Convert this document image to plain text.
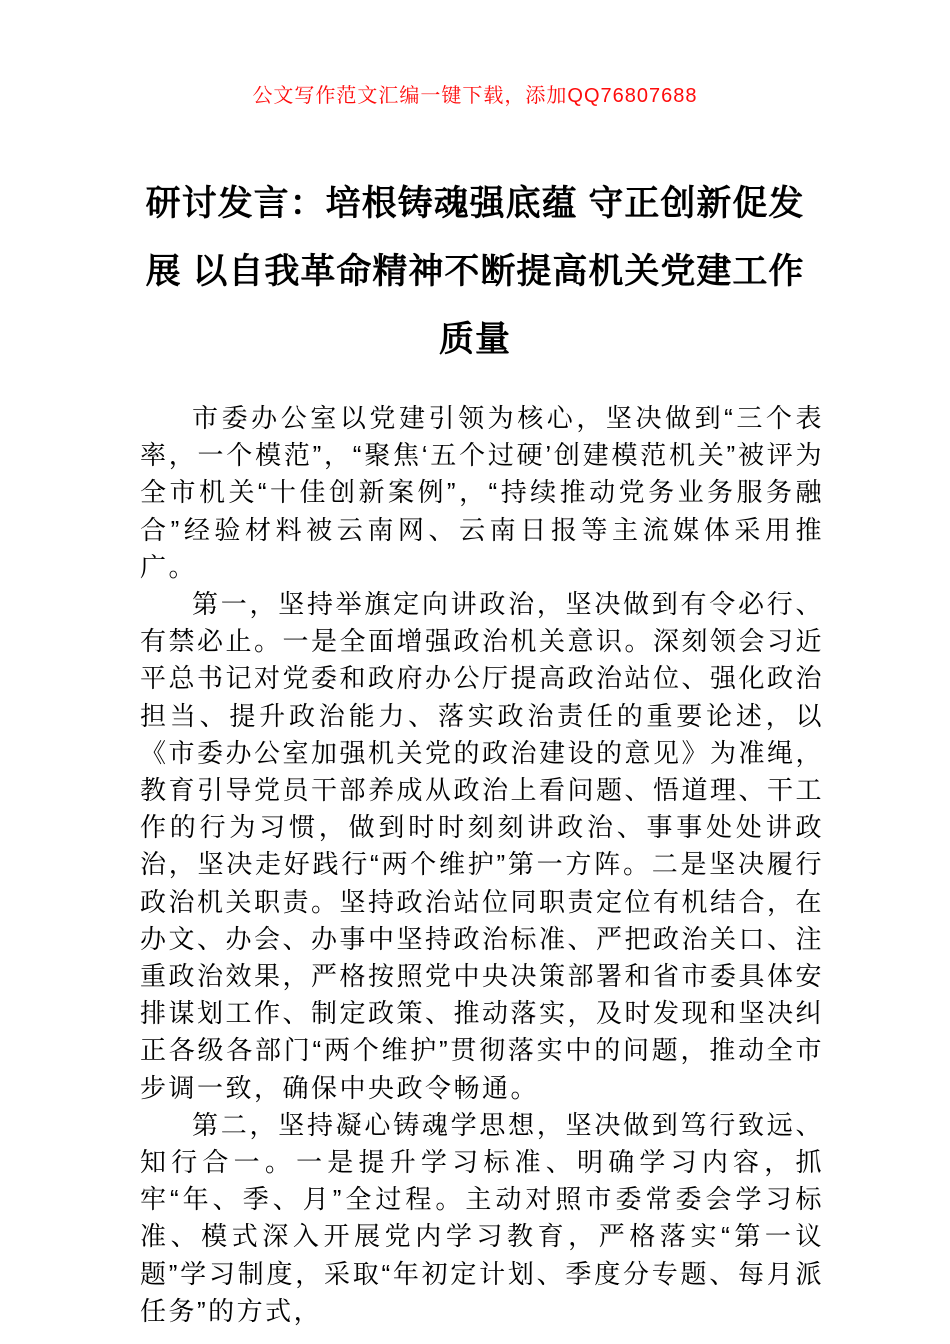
公文写作范文汇编一键下载，添加QQ76807688
研讨发言：培根铸魂强底蕴 守正创新促发展 以自我革命精神不断提高机关党建工作质量

市委办公室以党建引领为核心，坚决做到“三个表率，一个模范”，“聚焦‘五个过硬’创建模范机关”被评为全市机关“十佳创新案例”，“持续推动党务业务服务融合”经验材料被云南网、云南日报等主流媒体采用推广。

第一，坚持举旗定向讲政治，坚决做到有令必行、有禁必止。一是全面增强政治机关意识。深刻领会习近平总书记对党委和政府办公厅提高政治站位、强化政治担当、提升政治能力、落实政治责任的重要论述，以《市委办公室加强机关党的政治建设的意见》为准绳，教育引导党员干部养成从政治上看问题、悟道理、干工作的行为习惯，做到时时刻刻讲政治、事事处处讲政治，坚决走好践行“两个维护”第一方阵。二是坚决履行政治机关职责。坚持政治站位同职责定位有机结合，在办文、办会、办事中坚持政治标准、严把政治关口、注重政治效果，严格按照党中央决策部署和省市委具体安排谋划工作、制定政策、推动落实，及时发现和坚决纠正各级各部门“两个维护”贯彻落实中的问题，推动全市步调一致，确保中央政令畅通。

第二，坚持凝心铸魂学思想，坚决做到笃行致远、知行合一。一是提升学习标准、明确学习内容，抓牢“年、季、月”全过程。主动对照市委常委会学习标准、模式深入开展党内学习教育，严格落实“第一议题”学习制度，采取“年初定计划、季度分专题、每月派任务”的方式，
